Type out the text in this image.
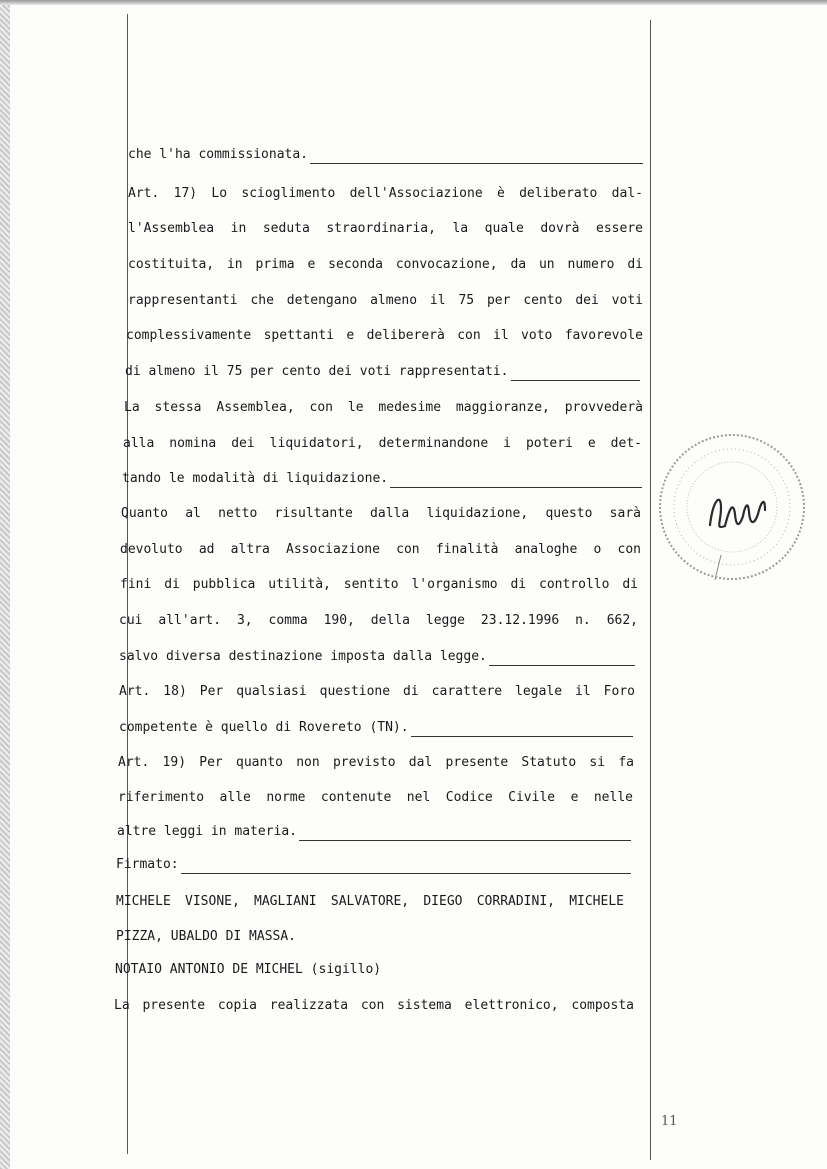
che l'ha commissionata.
Art. 17) Lo scioglimento dell'Associazione è deliberato dal-
l'Assemblea in seduta straordinaria, la quale dovrà essere
costituita, in prima e seconda convocazione, da un numero di
rappresentanti che detengano almeno il 75 per cento dei voti
complessivamente spettanti e delibererà con il voto favorevole
di almeno il 75 per cento dei voti rappresentati.
La stessa Assemblea, con le medesime maggioranze, provvederà
alla nomina dei liquidatori, determinandone i poteri e det-
tando le modalità di liquidazione.
Quanto al netto risultante dalla liquidazione, questo sarà
devoluto ad altra Associazione con finalità analoghe o con
fini di pubblica utilità, sentito l'organismo di controllo di
cui all'art. 3, comma 190, della legge 23.12.1996 n. 662,
salvo diversa destinazione imposta dalla legge.
Art. 18) Per qualsiasi questione di carattere legale il Foro
competente è quello di Rovereto (TN).
Art. 19) Per quanto non previsto dal presente Statuto si fa
riferimento alle norme contenute nel Codice Civile e nelle
altre leggi in materia.
Firmato:
MICHELE VISONE, MAGLIANI SALVATORE, DIEGO CORRADINI, MICHELE
PIZZA, UBALDO DI MASSA.
NOTAIO ANTONIO DE MICHEL (sigillo)
La presente copia realizzata con sistema elettronico, composta
11
